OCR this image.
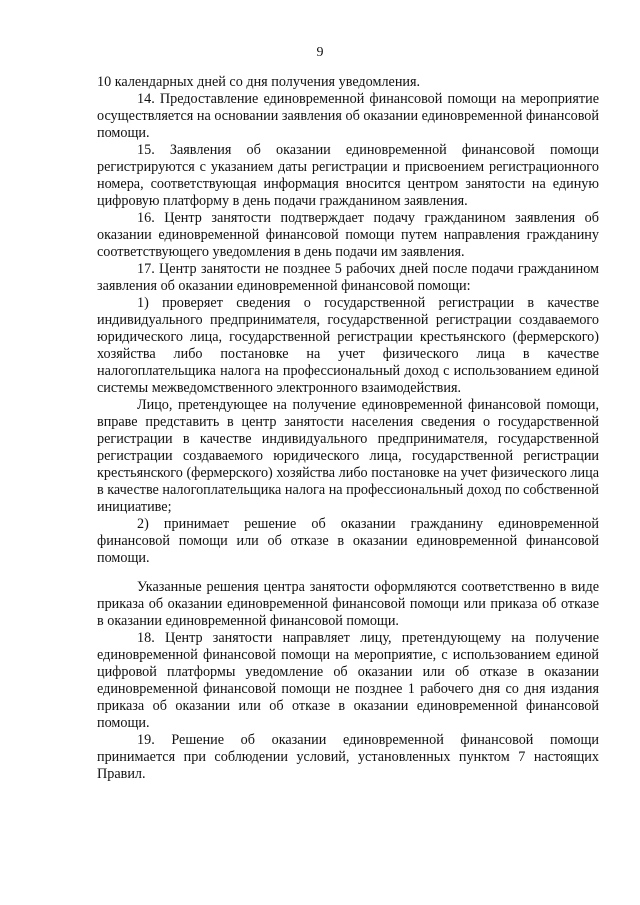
9

10 календарных дней со дня получения уведомления.

14. Предоставление единовременной финансовой помощи на мероприятие осуществляется на основании заявления об оказании единовременной финансовой помощи.

15. Заявления об оказании единовременной финансовой помощи регистрируются с указанием даты регистрации и присвоением регистрационного номера, соответствующая информация вносится центром занятости на единую цифровую платформу в день подачи гражданином заявления.

16. Центр занятости подтверждает подачу гражданином заявления об оказании единовременной финансовой помощи путем направления гражданину соответствующего уведомления в день подачи им заявления.

17. Центр занятости не позднее 5 рабочих дней после подачи гражданином заявления об оказании единовременной финансовой помощи:

1) проверяет сведения о государственной регистрации в качестве индивидуального предпринимателя, государственной регистрации создаваемого юридического лица, государственной регистрации крестьянского (фермерского) хозяйства либо постановке на учет физического лица в качестве налогоплательщика налога на профессиональный доход с использованием единой системы межведомственного электронного взаимодействия.

Лицо, претендующее на получение единовременной финансовой помощи, вправе представить в центр занятости населения сведения о государственной регистрации в качестве индивидуального предпринимателя, государственной регистрации создаваемого юридического лица, государственной регистрации крестьянского (фермерского) хозяйства либо постановке на учет физического лица в качестве налогоплательщика налога на профессиональный доход по собственной инициативе;

2) принимает решение об оказании гражданину единовременной финансовой помощи или об отказе в оказании единовременной финансовой помощи.

Указанные решения центра занятости оформляются соответственно в виде приказа об оказании единовременной финансовой помощи или приказа об отказе в оказании единовременной финансовой помощи.

18. Центр занятости направляет лицу, претендующему на получение единовременной финансовой помощи на мероприятие, с использованием единой цифровой платформы уведомление об оказании или об отказе в оказании единовременной финансовой помощи не позднее 1 рабочего дня со дня издания приказа об оказании или об отказе в оказании единовременной финансовой помощи.

19. Решение об оказании единовременной финансовой помощи принимается при соблюдении условий, установленных пунктом 7 настоящих Правил.
